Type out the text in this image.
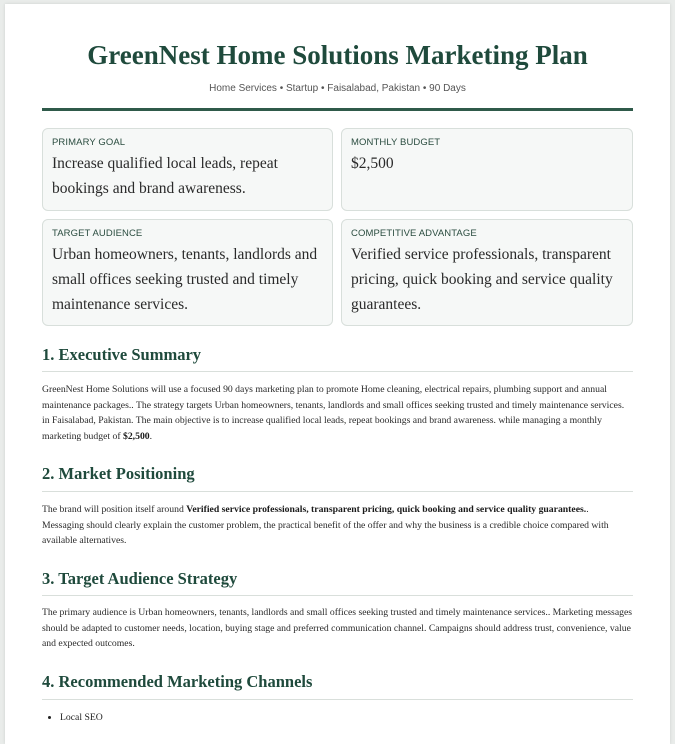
GreenNest Home Solutions Marketing Plan
Home Services • Startup • Faisalabad, Pakistan • 90 Days
PRIMARY GOAL
Increase qualified local leads, repeat bookings and brand awareness.
MONTHLY BUDGET
$2,500
TARGET AUDIENCE
Urban homeowners, tenants, landlords and small offices seeking trusted and timely maintenance services.
COMPETITIVE ADVANTAGE
Verified service professionals, transparent pricing, quick booking and service quality guarantees.
1. Executive Summary

GreenNest Home Solutions will use a focused 90 days marketing plan to promote Home cleaning, electrical repairs, plumbing support and annual maintenance packages.. The strategy targets Urban homeowners, tenants, landlords and small offices seeking trusted and timely maintenance services. in Faisalabad, Pakistan. The main objective is to increase qualified local leads, repeat bookings and brand awareness. while managing a monthly marketing budget of $2,500.

2. Market Positioning

The brand will position itself around Verified service professionals, transparent pricing, quick booking and service quality guarantees.. Messaging should clearly explain the customer problem, the practical benefit of the offer and why the business is a credible choice compared with available alternatives.

3. Target Audience Strategy

The primary audience is Urban homeowners, tenants, landlords and small offices seeking trusted and timely maintenance services.. Marketing messages should be adapted to customer needs, location, buying stage and preferred communication channel. Campaigns should address trust, convenience, value and expected outcomes.

4. Recommended Marketing Channels
• Local SEO
